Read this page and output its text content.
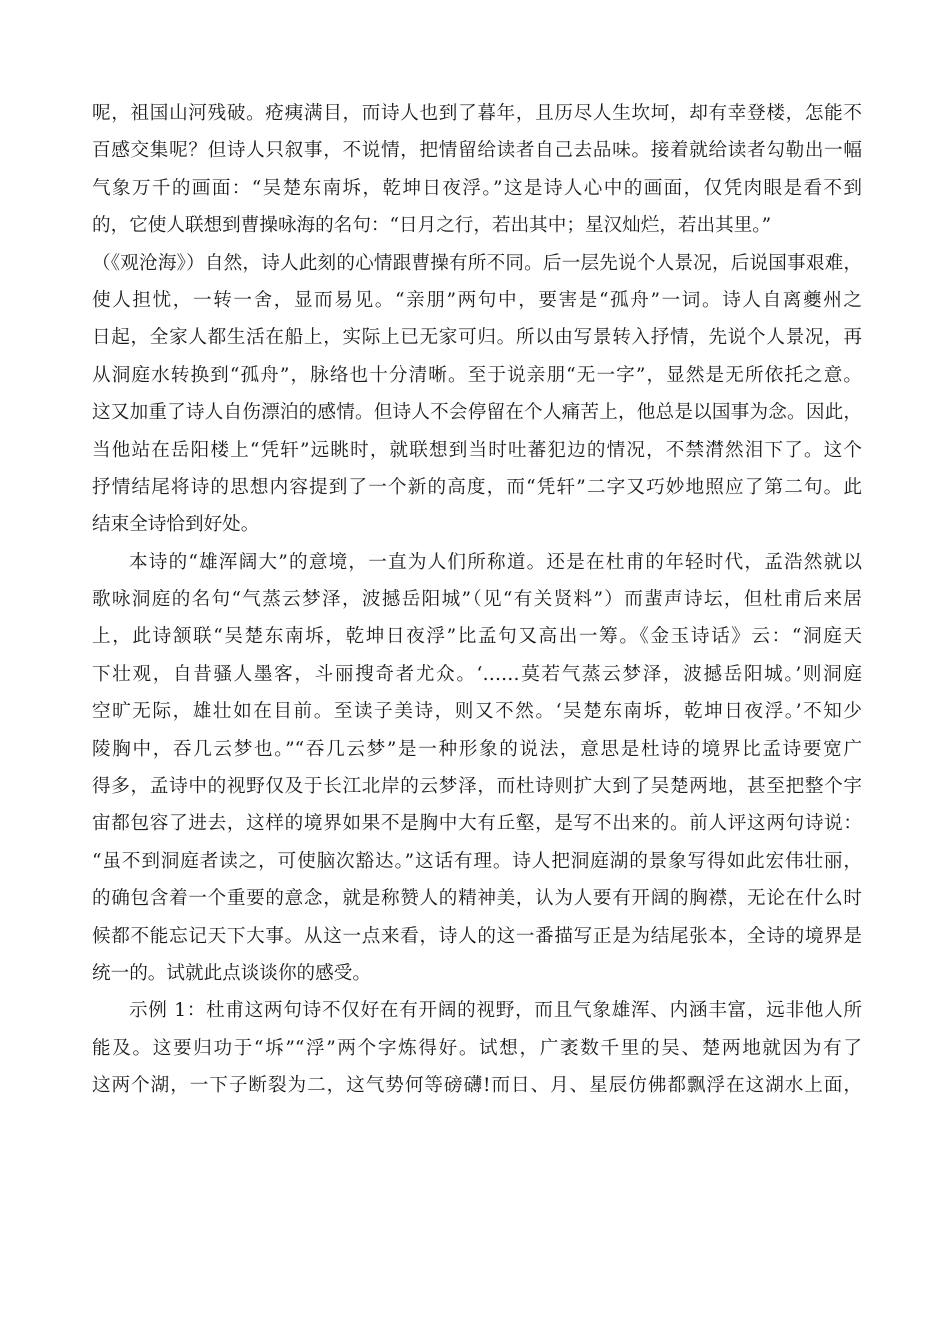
呢，祖国山河残破。疮痍满目，而诗人也到了暮年，且历尽人生坎坷，却有幸登楼，怎能不
百感交集呢？但诗人只叙事，不说情，把情留给读者自己去品味。接着就给读者勾勒出一幅
气象万千的画面：“吴楚东南坼，乾坤日夜浮。”这是诗人心中的画面，仅凭肉眼是看不到
的，它使人联想到曹操咏海的名句：“日月之行，若出其中；星汉灿烂，若出其里。”
（《观沧海》）自然，诗人此刻的心情跟曹操有所不同。后一层先说个人景况，后说国事艰难，
使人担忧，一转一舍，显而易见。“亲朋”两句中，要害是“孤舟”一词。诗人自离夔州之
日起，全家人都生活在船上，实际上已无家可归。所以由写景转入抒情，先说个人景况，再
从洞庭水转换到“孤舟”，脉络也十分清晰。至于说亲朋“无一字”，显然是无所依托之意。
这又加重了诗人自伤漂泊的感情。但诗人不会停留在个人痛苦上，他总是以国事为念。因此，
当他站在岳阳楼上“凭轩”远眺时，就联想到当时吐蕃犯边的情况，不禁潸然泪下了。这个
抒情结尾将诗的思想内容提到了一个新的高度，而“凭轩”二字又巧妙地照应了第二句。此
结束全诗恰到好处。
本诗的“雄浑阔大”的意境，一直为人们所称道。还是在杜甫的年轻时代，孟浩然就以
歌咏洞庭的名句“气蒸云梦泽，波撼岳阳城”（见“有关贤料”）而蜚声诗坛，但杜甫后来居
上，此诗颔联“吴楚东南坼，乾坤日夜浮”比孟句又高出一筹。《金玉诗话》云：“洞庭天
下壮观，自昔骚人墨客，斗丽搜奇者尤众。‘……莫若气蒸云梦泽，波撼岳阳城。’则洞庭
空旷无际，雄壮如在目前。至读子美诗，则又不然。‘吴楚东南坼，乾坤日夜浮。’不知少
陵胸中，吞几云梦也。”“吞几云梦”是一种形象的说法，意思是杜诗的境界比孟诗要宽广
得多，孟诗中的视野仅及于长江北岸的云梦泽，而杜诗则扩大到了吴楚两地，甚至把整个宇
宙都包容了进去，这样的境界如果不是胸中大有丘壑，是写不出来的。前人评这两句诗说：
“虽不到洞庭者读之，可使脑次豁达。”这话有理。诗人把洞庭湖的景象写得如此宏伟壮丽，
的确包含着一个重要的意念，就是称赞人的精神美，认为人要有开阔的胸襟，无论在什么时
候都不能忘记天下大事。从这一点来看，诗人的这一番描写正是为结尾张本，全诗的境界是
统一的。试就此点谈谈你的感受。
示例 1：杜甫这两句诗不仅好在有开阔的视野，而且气象雄浑、内涵丰富，远非他人所
能及。这要归功于“坼”“浮”两个字炼得好。试想，广袤数千里的吴、楚两地就因为有了
这两个湖，一下子断裂为二，这气势何等磅礴!而日、月、星辰仿佛都飘浮在这湖水上面，
